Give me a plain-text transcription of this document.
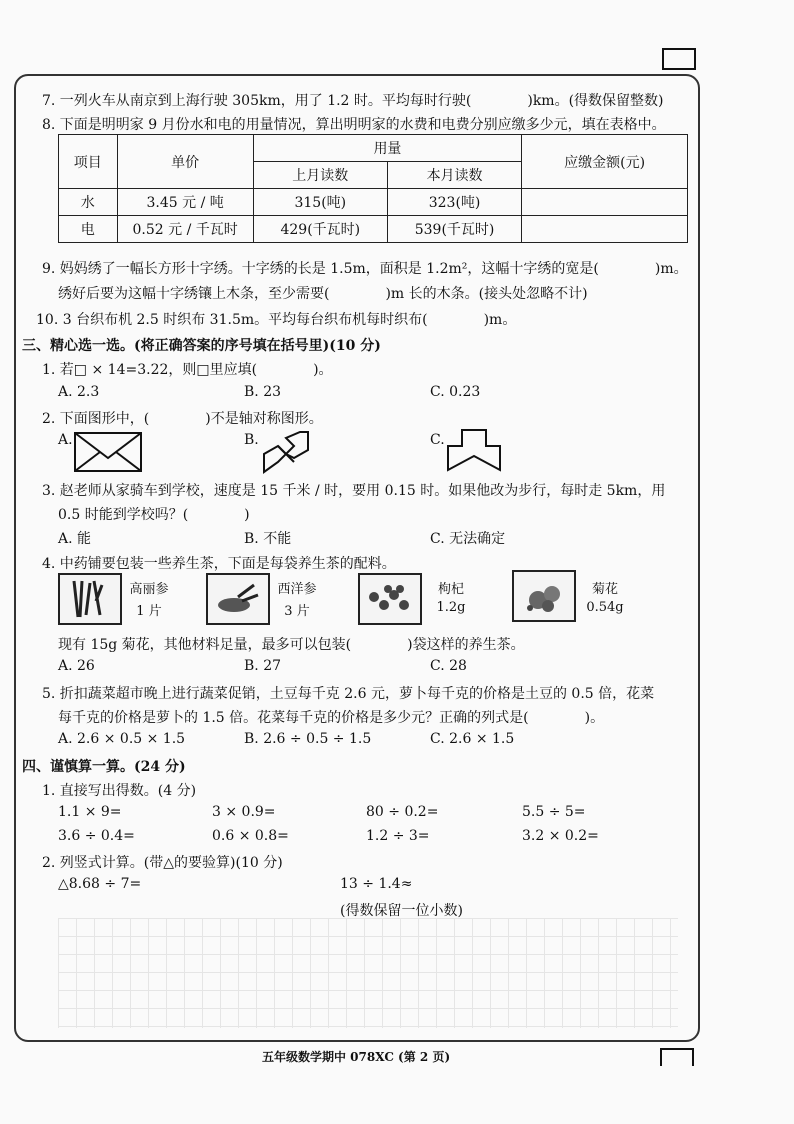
7. 一列火车从南京到上海行驶 305km，用了 1.2 时。平均每时行驶(　　　　)km。(得数保留整数)
8. 下面是明明家 9 月份水和电的用量情况，算出明明家的水费和电费分别应缴多少元，填在表格中。
项目	单价	用量		应缴金额(元)
		上月读数	本月读数	
水	3.45 元 / 吨	315(吨)	323(吨)	
电	0.52 元 / 千瓦时	429(千瓦时)	539(千瓦时)	
9. 妈妈绣了一幅长方形十字绣。十字绣的长是 1.5m，面积是 1.2m²，这幅十字绣的宽是(　　　　)m。
绣好后要为这幅十字绣镶上木条，至少需要(　　　　)m 长的木条。(接头处忽略不计)
10. 3 台织布机 2.5 时织布 31.5m。平均每台织布机每时织布(　　　　)m。
三、精心选一选。(将正确答案的序号填在括号里)(10 分)
1. 若□ × 14=3.22，则□里应填(　　　　)。
A. 2.3	B. 23	C. 0.23
2. 下面图形中，(　　　　)不是轴对称图形。
A.	B.	C.
3. 赵老师从家骑车到学校，速度是 15 千米 / 时，要用 0.15 时。如果他改为步行，每时走 5km，用
0.5 时能到学校吗？(　　　　)
A. 能	B. 不能	C. 无法确定
4. 中药铺要包装一些养生茶，下面是每袋养生茶的配料。
高丽参
1 片
西洋参
3 片
枸杞
1.2g
菊花
0.54g
现有 15g 菊花，其他材料足量，最多可以包装(　　　　)袋这样的养生茶。
A. 26	B. 27	C. 28
5. 折扣蔬菜超市晚上进行蔬菜促销，土豆每千克 2.6 元，萝卜每千克的价格是土豆的 0.5 倍，花菜
每千克的价格是萝卜的 1.5 倍。花菜每千克的价格是多少元？正确的列式是(　　　　)。
A. 2.6 × 0.5 × 1.5	B. 2.6 ÷ 0.5 ÷ 1.5	C. 2.6 × 1.5
四、谨慎算一算。(24 分)
1. 直接写出得数。(4 分)
1.1 × 9=	3 × 0.9=	80 ÷ 0.2=	5.5 ÷ 5=
3.6 ÷ 0.4=	0.6 × 0.8=	1.2 ÷ 3=	3.2 × 0.2=
2. 列竖式计算。(带△的要验算)(10 分)
△8.68 ÷ 7=	13 ÷ 1.4≈
(得数保留一位小数)
五年级数学期中 078XC (第 2 页)
